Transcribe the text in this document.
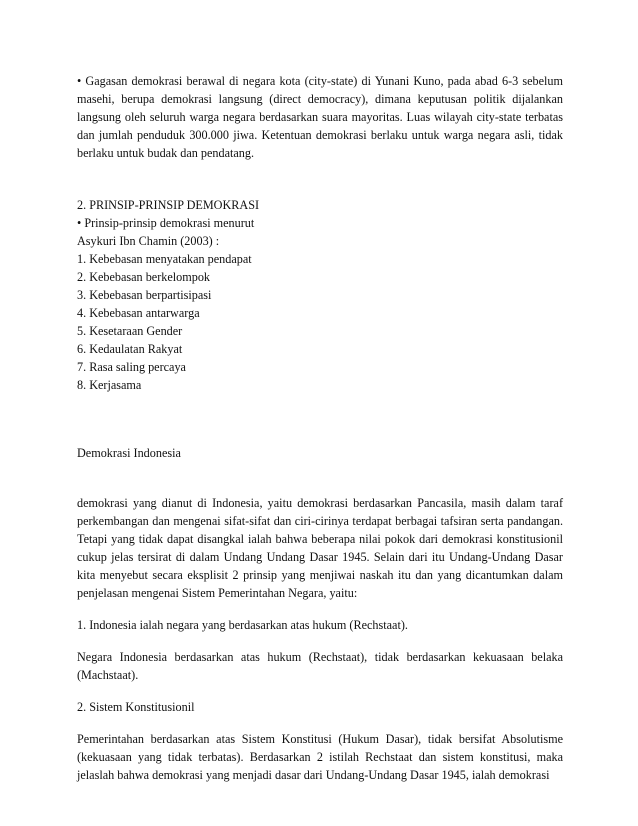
• Gagasan demokrasi berawal di negara kota (city-state) di Yunani Kuno, pada abad 6-3 sebelum masehi, berupa demokrasi langsung (direct democracy), dimana keputusan politik dijalankan langsung oleh seluruh warga negara berdasarkan suara mayoritas. Luas wilayah city-state terbatas dan jumlah penduduk 300.000 jiwa. Ketentuan demokrasi berlaku untuk warga negara asli, tidak berlaku untuk budak dan pendatang.

2. PRINSIP-PRINSIP DEMOKRASI

• Prinsip-prinsip demokrasi menurut

Asykuri Ibn Chamin (2003) :

1. Kebebasan menyatakan pendapat
2. Kebebasan berkelompok
3. Kebebasan berpartisipasi
4. Kebebasan antarwarga
5. Kesetaraan Gender
6. Kedaulatan Rakyat
7. Rasa saling percaya
8. Kerjasama

Demokrasi Indonesia

demokrasi yang dianut di Indonesia, yaitu demokrasi berdasarkan Pancasila, masih dalam taraf perkembangan dan mengenai sifat-sifat dan ciri-cirinya terdapat berbagai tafsiran serta pandangan. Tetapi yang tidak dapat disangkal ialah bahwa beberapa nilai pokok dari demokrasi konstitusionil cukup jelas tersirat di dalam Undang Undang Dasar 1945. Selain dari itu Undang-Undang Dasar kita menyebut secara eksplisit 2 prinsip yang menjiwai naskah itu dan yang dicantumkan dalam penjelasan mengenai Sistem Pemerintahan Negara, yaitu:

1. Indonesia ialah negara yang berdasarkan atas hukum (Rechstaat).

Negara Indonesia berdasarkan atas hukum (Rechstaat), tidak berdasarkan kekuasaan belaka (Machstaat).

2. Sistem Konstitusionil

Pemerintahan berdasarkan atas Sistem Konstitusi (Hukum Dasar), tidak bersifat Absolutisme (kekuasaan yang tidak terbatas). Berdasarkan 2 istilah Rechstaat dan sistem konstitusi, maka jelaslah bahwa demokrasi yang menjadi dasar dari Undang-Undang Dasar 1945, ialah demokrasi
